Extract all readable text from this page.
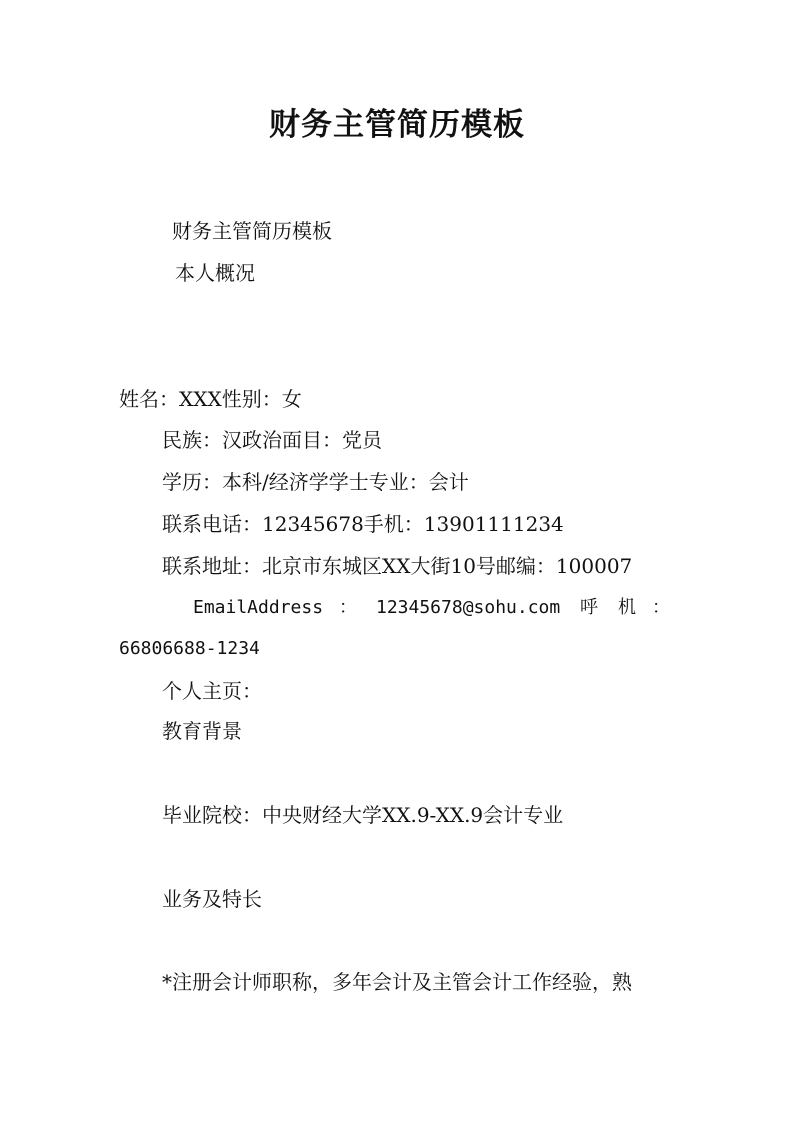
财务主管简历模板
财务主管简历模板
本人概况
姓名：XXX性别：女
民族：汉政治面目：党员
学历：本科/经济学学士专业：会计
联系电话：12345678手机：13901111234
联系地址：北京市东城区XX大街10号邮编：100007
EmailAddress ： 12345678@sohu.com 呼 机 ：
66806688-1234
个人主页：
教育背景
毕业院校：中央财经大学XX.9-XX.9会计专业
业务及特长
*注册会计师职称，多年会计及主管会计工作经验，熟
